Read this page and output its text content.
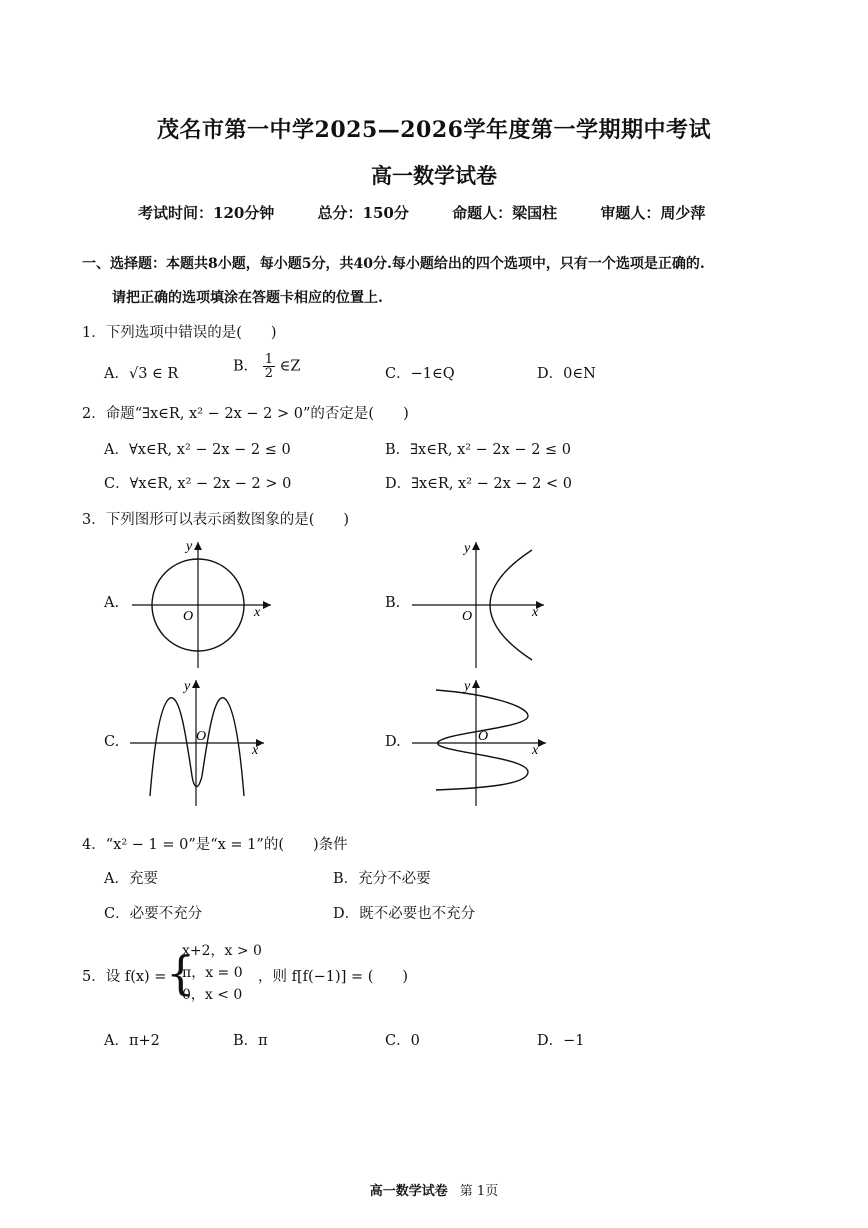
茂名市第一中学2025—2026学年度第一学期期中考试
高一数学试卷
考试时间：120分钟	总分：150分	命题人：梁国柱	审题人：周少萍
一、选择题：本题共8小题，每小题5分，共40分.每小题给出的四个选项中，只有一个选项是正确的.
请把正确的选项填涂在答题卡相应的位置上.
1．下列选项中错误的是(　　)
A．√3 ∈ R	B． $\frac{1}{2}$ ∈Z	C．−1∈Q	D．0∈N
2．命题“∃x∈R, x² − 2x − 2 > 0”的否定是(　　)
A．∀x∈R, x² − 2x − 2 ≤ 0	B．∃x∈R, x² − 2x − 2 ≤ 0
C．∀x∈R, x² − 2x − 2 > 0	D．∃x∈R, x² − 2x − 2 < 0
3．下列图形可以表示函数图象的是(　　)
A.
y
x
O
B.
y
x
O
C.
y
x
O	D.
y
x
O
4．“x² − 1 = 0”是“x = 1”的(　　)条件
A．充要	B．充分不必要
C．必要不充分	D．既不必要也不充分
5．设 f(x) = {
x+2，x > 0
π，x = 0
0，x < 0
，则 f[f(−1)] = (　　)
A．π+2	B．π	C．0	D．−1
高一数学试卷 第 1页
